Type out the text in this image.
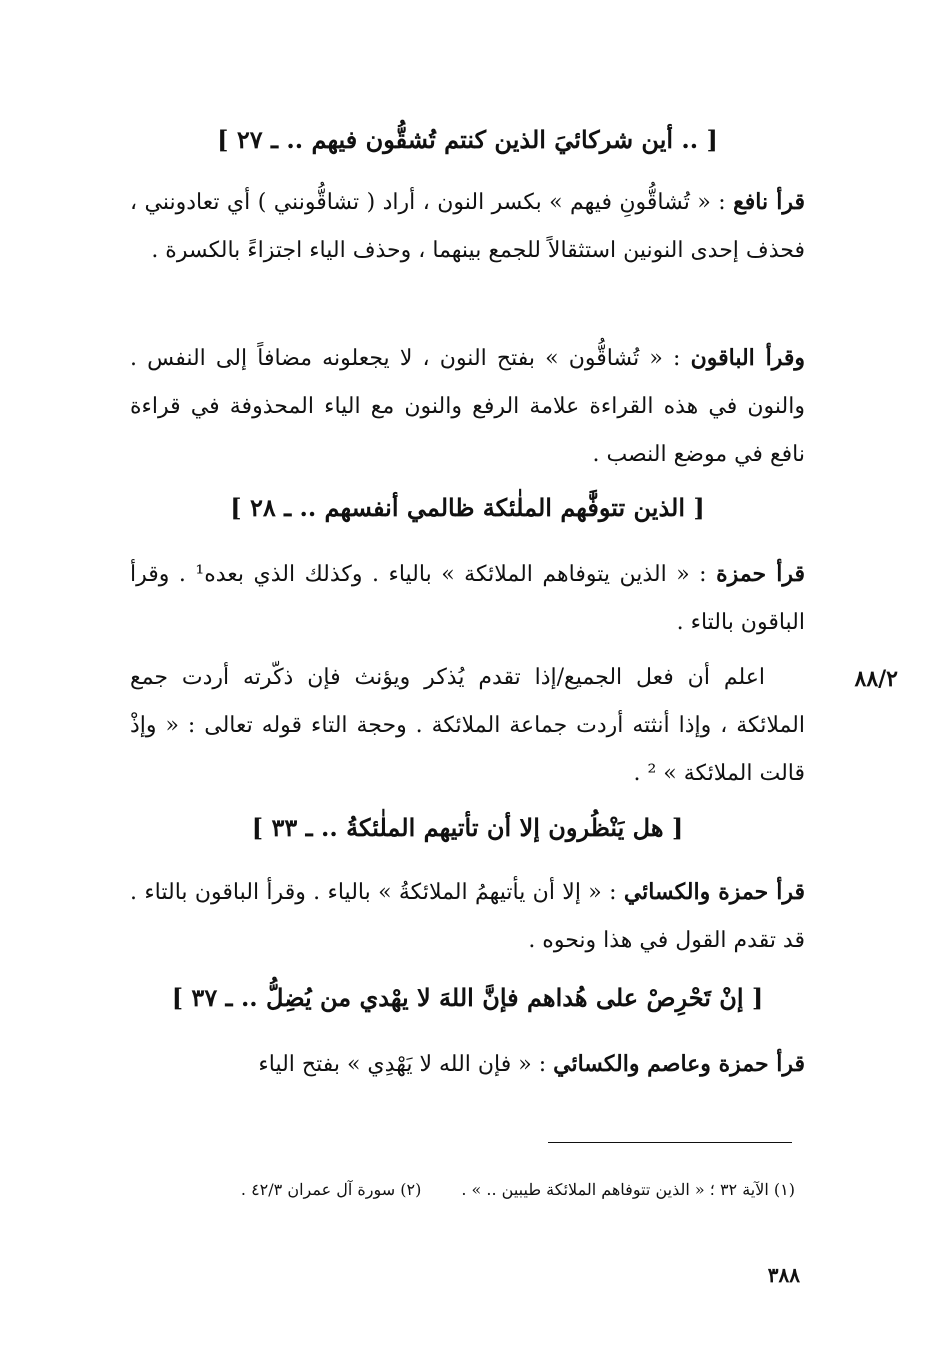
[ .. أين شركائيَ الذين كنتم تُشقُّون فيهم .. ـ ٢٧ ]
قرأ نافع : « تُشاقُّونِ فيهم » بكسر النون ، أراد ( تشاقُّونني ) أي تعادونني ، فحذف إحدى النونين استثقالاً للجمع بينهما ، وحذف الياء اجتزاءً بالكسرة .
وقرأ الباقون : « تُشاقُّون » بفتح النون ، لا يجعلونه مضافاً إلى النفس . والنون في هذه القراءة علامة الرفع والنون مع الياء المحذوفة في قراءة نافع في موضع النصب .
[ الذين تتوفَّٰهم الملٰئكة ظالمي أنفسهم .. ـ ٢٨ ]
قرأ حمزة : « الذين يتوفاهم الملائكة » بالياء . وكذلك الذي بعده¹ . وقرأ الباقون بالتاء .
٨٨/٢
اعلم أن فعل الجميع/إذا تقدم يُذكر ويؤنث فإن ذكّرته أردت جمع الملائكة ، وإذا أنثته أردت جماعة الملائكة . وحجة التاء قوله تعالى : « وإذْ قالت الملائكة » ² .
[ هل يَنْظُرون إلا أن تأتيهم الملٰئكةُ .. ـ ٣٣ ]
قرأ حمزة والكسائي : « إلا أن يأتيهمُ الملائكةُ » بالياء . وقرأ الباقون بالتاء . قد تقدم القول في هذا ونحوه .
[ إنْ تَحْرِصْ على هُداهم فإنَّ اللهَ لا يهْدي من يُضِلُّ .. ـ ٣٧ ]
قرأ حمزة وعاصم والكسائي : « فإن الله لا يَهْدِي » بفتح الياء
(١) الآية ٣٢ ؛ « الذين تتوفاهم الملائكة طيبين .. » .(٢) سورة آل عمران ٤٢/٣ .
٣٨٨
